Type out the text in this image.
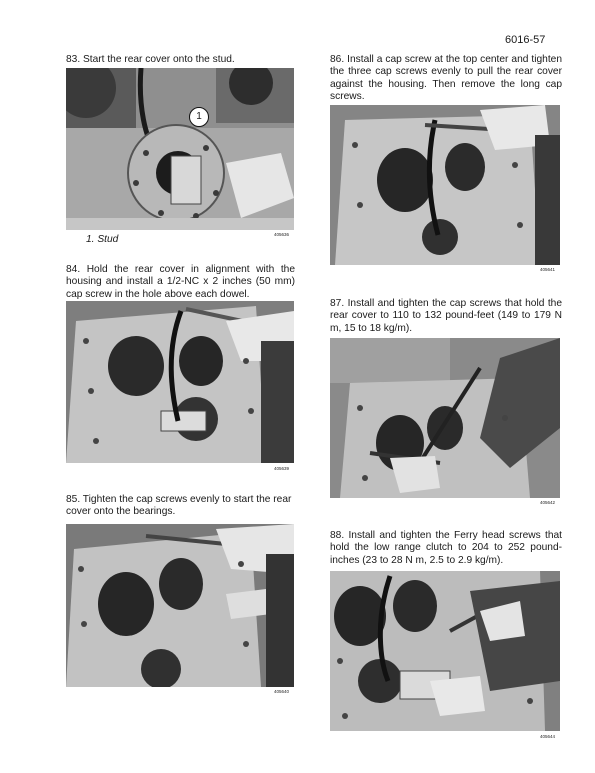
6016-57

83. Start the rear cover onto the stud.

1
1. Stud	405636

84. Hold the rear cover in alignment with the housing and install a 1/2-NC x 2 inches (50 mm) cap screw in the hole above each dowel.

405639

85. Tighten the cap screws evenly to start the rear cover onto the bearings.

405640

86. Install a cap screw at the top center and tighten the three cap screws evenly to pull the rear cover against the housing. Then remove the long cap screws.

405641

87. Install and tighten the cap screws that hold the rear cover to 110 to 132 pound-feet (149 to 179 N m, 15 to 18 kg/m).

405642

88. Install and tighten the Ferry head screws that hold the low range clutch to 204 to 252 pound-inches (23 to 28 N m, 2.5 to 2.9 kg/m).

405644
